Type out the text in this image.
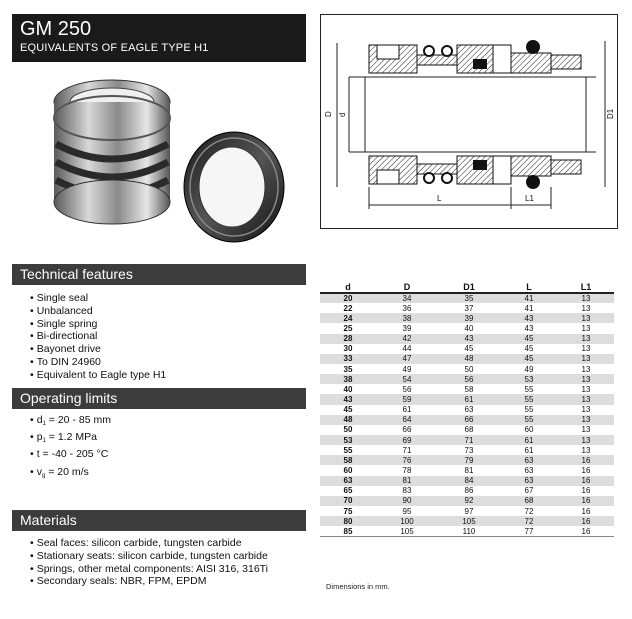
GM 250
EQUIVALENTS OF EAGLE TYPE H1
Technical features
• Single seal
• Unbalanced
• Single spring
• Bi-directional
• Bayonet drive
• To DIN 24960
• Equivalent to Eagle type H1
Operating limits
• $d_1 = 20 - 85$ mm
• $p_1 = 1.2$ MPa
• t = -40 - 205 °C
• $v_g = 20$ m/s
Materials
• Seal faces: silicon carbide, tungsten carbide
• Stationary seats: silicon carbide, tungsten carbide
• Springs, other metal components: AISI 316, 316Ti
• Secondary seals: NBR, FPM, EPDM
D d	D1
L	L1
d	D	D1	L	L1
20	34	35	41	13
22	36	37	41	13
24	38	39	43	13
25	39	40	43	13
28	42	43	45	13
30	44	45	45	13
33	47	48	45	13
35	49	50	49	13
38	54	56	53	13
40	56	58	55	13
43	59	61	55	13
45	61	63	55	13
48	64	66	55	13
50	66	68	60	13
53	69	71	61	13
55	71	73	61	13
58	76	79	63	16
60	78	81	63	16
63	81	84	63	16
65	83	86	67	16
70	90	92	68	16
75	95	97	72	16
80	100	105	72	16
85	105	110	77	16
Dimensions in mm.
